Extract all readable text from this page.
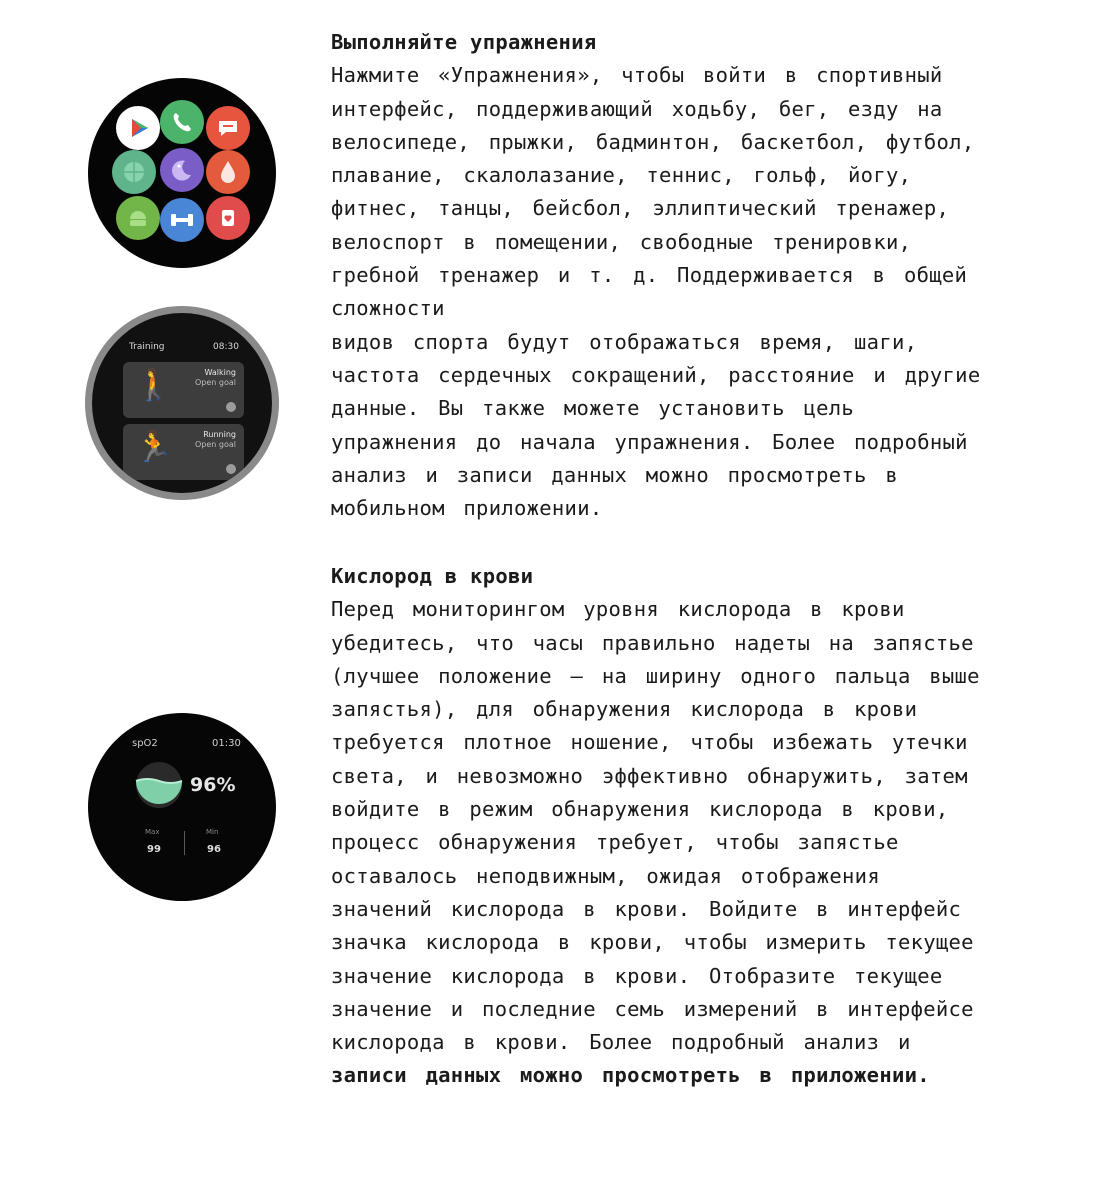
Выполняйте упражнения
Нажмите «Упражнения», чтобы войти в спортивный
интерфейс, поддерживающий ходьбу, бег, езду на
велосипеде, прыжки, бадминтон, баскетбол, футбол,
плавание, скалолазание, теннис, гольф, йогу,
фитнес, танцы, бейсбол, эллиптический тренажер,
велоспорт в помещении, свободные тренировки,
гребной тренажер и т. д. Поддерживается в общей
сложности
видов спорта будут отображаться время, шаги,
частота сердечных сокращений, расстояние и другие
данные. Вы также можете установить цель
упражнения до начала упражнения. Более подробный
анализ и записи данных можно просмотреть в
мобильном приложении.
Кислород в крови
Перед мониторингом уровня кислорода в крови
убедитесь, что часы правильно надеты на запястье
(лучшее положение — на ширину одного пальца выше
запястья), для обнаружения кислорода в крови
требуется плотное ношение, чтобы избежать утечки
света, и невозможно эффективно обнаружить, затем
войдите в режим обнаружения кислорода в крови,
процесс обнаружения требует, чтобы запястье
оставалось неподвижным, ожидая отображения
значений кислорода в крови. Войдите в интерфейс
значка кислорода в крови, чтобы измерить текущее
значение кислорода в крови. Отобразите текущее
значение и последние семь измерений в интерфейсе
кислорода в крови. Более подробный анализ и
записи данных можно просмотреть в приложении.
Training	08:30
🚶	Walking
Open goal
🏃	Running
Open goal
spO2	01:30
96%
Max
99
Min
96
